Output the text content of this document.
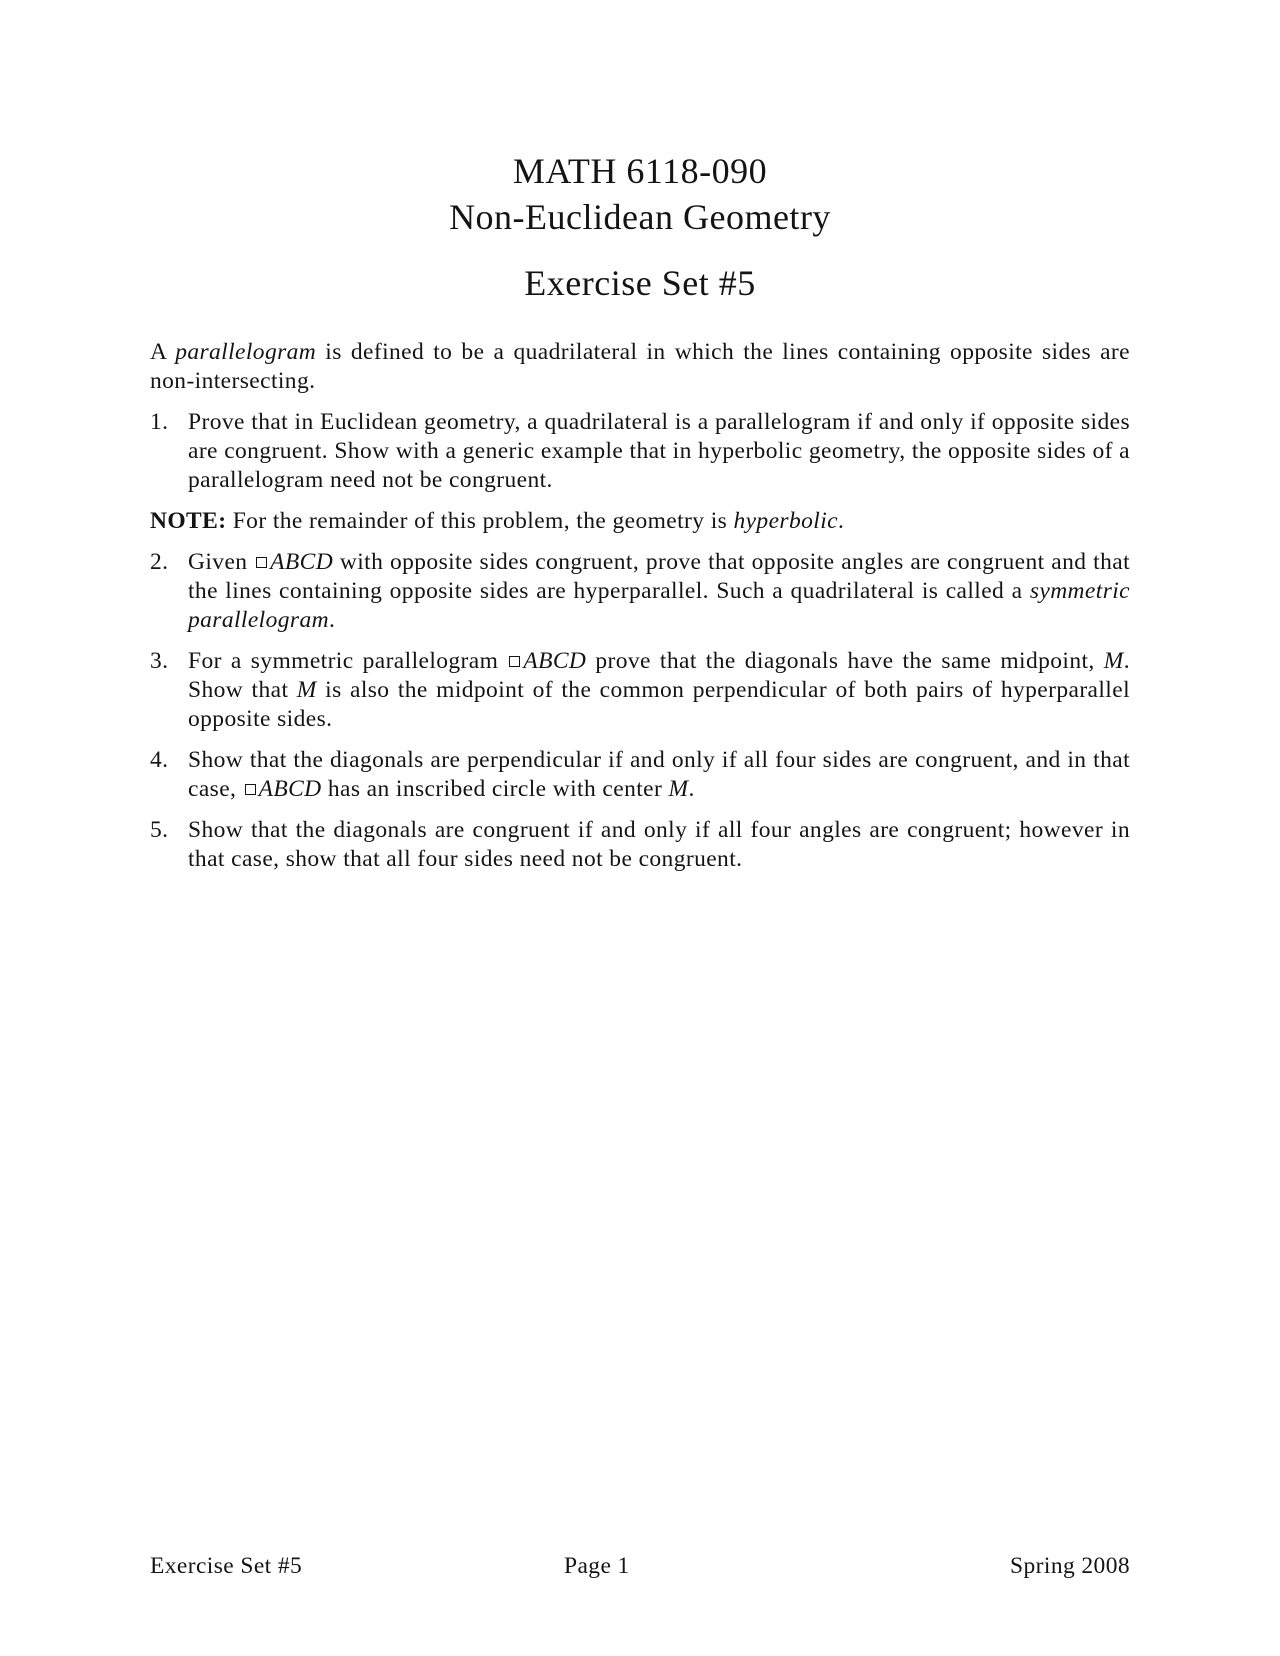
MATH 6118-090
Non-Euclidean Geometry
Exercise Set #5

A parallelogram is defined to be a quadrilateral in which the lines containing opposite sides are non-intersecting.

1. Prove that in Euclidean geometry, a quadrilateral is a parallelogram if and only if opposite sides are congruent. Show with a generic example that in hyperbolic geometry, the opposite sides of a parallelogram need not be congruent.

NOTE: For the remainder of this problem, the geometry is hyperbolic.

2. Given ABCD with opposite sides congruent, prove that opposite angles are congruent and that the lines containing opposite sides are hyperparallel. Such a quadrilateral is called a symmetric parallelogram.
3. For a symmetric parallelogram ABCD prove that the diagonals have the same midpoint, M. Show that M is also the midpoint of the common perpendicular of both pairs of hyperparallel opposite sides.
4. Show that the diagonals are perpendicular if and only if all four sides are congruent, and in that case, ABCD has an inscribed circle with center M.
5. Show that the diagonals are congruent if and only if all four angles are congruent; however in that case, show that all four sides need not be congruent.
Exercise Set #5	Page 1	Spring 2008
